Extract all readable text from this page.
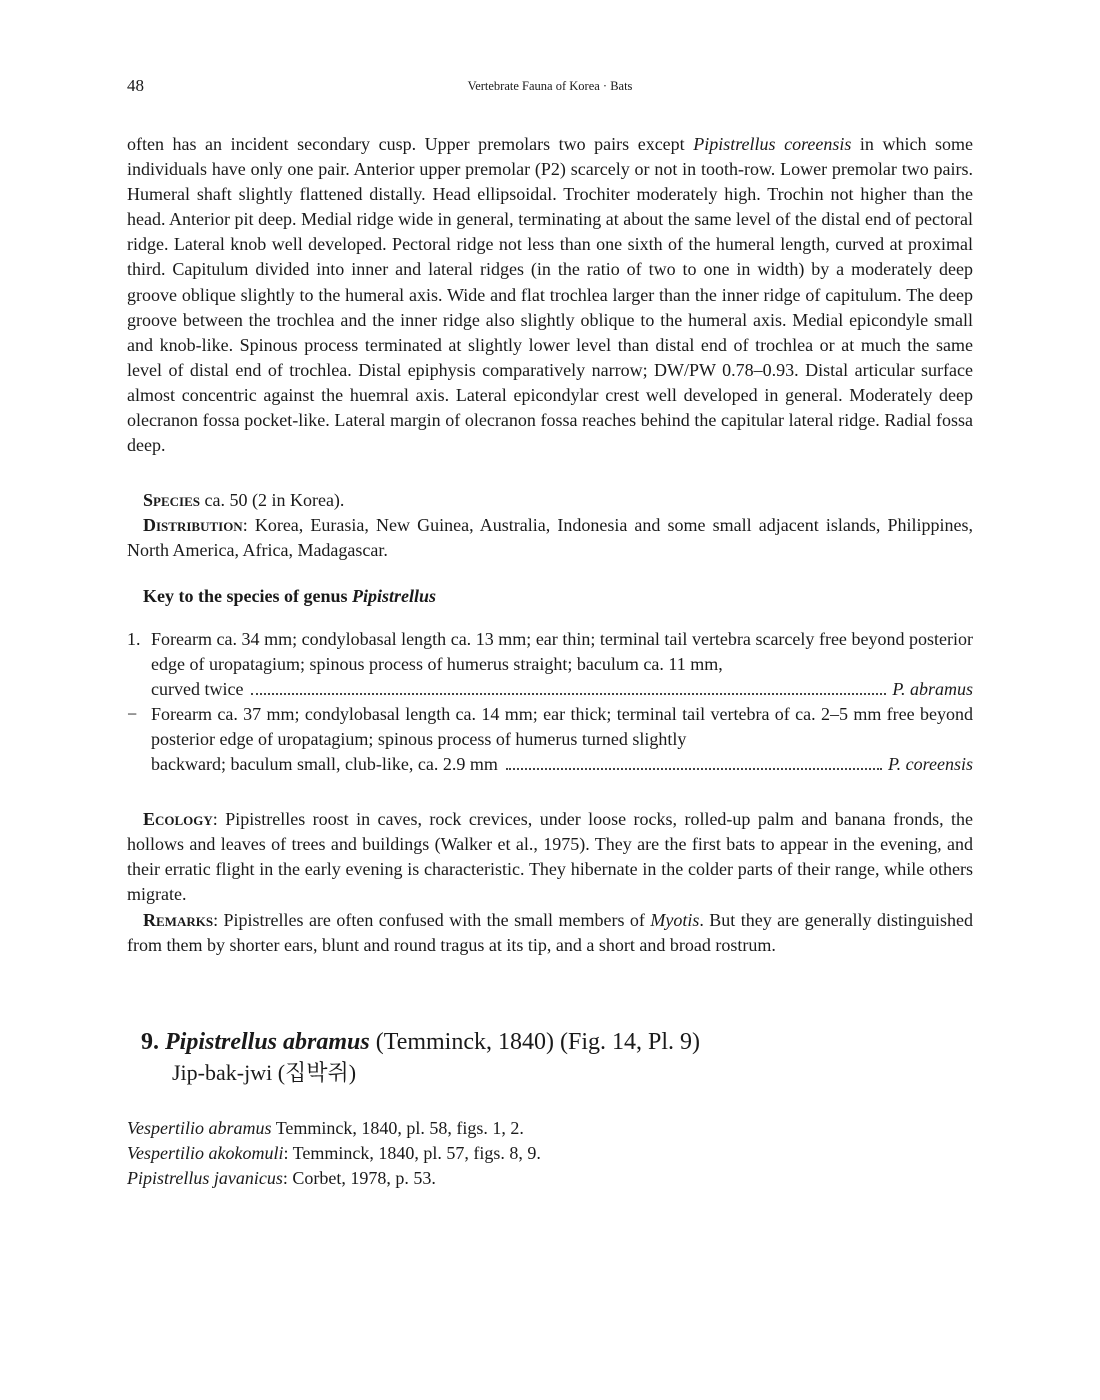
48	Vertebrate Fauna of Korea · Bats

often has an incident secondary cusp. Upper premolars two pairs except Pipistrellus coreensis in which some individuals have only one pair. Anterior upper premolar (P2) scarcely or not in tooth-row. Lower premolar two pairs. Humeral shaft slightly flattened distally. Head ellipsoidal. Trochiter moderately high. Trochin not higher than the head. Anterior pit deep. Medial ridge wide in general, terminating at about the same level of the distal end of pectoral ridge. Lateral knob well developed. Pectoral ridge not less than one sixth of the humeral length, curved at proximal third. Capitulum divided into inner and lateral ridges (in the ratio of two to one in width) by a moderately deep groove oblique slightly to the humeral axis. Wide and flat trochlea larger than the inner ridge of capitulum. The deep groove between the trochlea and the inner ridge also slightly oblique to the humeral axis. Medial epicondyle small and knob-like. Spinous process terminated at slightly lower level than distal end of trochlea or at much the same level of distal end of trochlea. Distal epiphysis comparatively narrow; DW/PW 0.78–0.93. Distal articular surface almost concentric against the huemral axis. Lateral epicondylar crest well developed in general. Moderately deep olecranon fossa pocket-like. Lateral margin of olecranon fossa reaches behind the capitular lateral ridge. Radial fossa deep.

Species ca. 50 (2 in Korea).

Distribution: Korea, Eurasia, New Guinea, Australia, Indonesia and some small adjacent islands, Philippines, North America, Africa, Madagascar.

Key to the species of genus Pipistrellus
1. Forearm ca. 34 mm; condylobasal length ca. 13 mm; ear thin; terminal tail vertebra scarcely free beyond posterior edge of uropatagium; spinous process of humerus straight; baculum ca. 11 mm,
curved twice	P. abramus
− Forearm ca. 37 mm; condylobasal length ca. 14 mm; ear thick; terminal tail vertebra of ca. 2–5 mm free beyond posterior edge of uropatagium; spinous process of humerus turned slightly
backward; baculum small, club-like, ca. 2.9 mm	P. coreensis

Ecology: Pipistrelles roost in caves, rock crevices, under loose rocks, rolled-up palm and banana fronds, the hollows and leaves of trees and buildings (Walker et al., 1975). They are the first bats to appear in the evening, and their erratic flight in the early evening is characteristic. They hibernate in the colder parts of their range, while others migrate.

Remarks: Pipistrelles are often confused with the small members of Myotis. But they are generally distinguished from them by shorter ears, blunt and round tragus at its tip, and a short and broad rostrum.

9. Pipistrellus abramus (Temminck, 1840) (Fig. 14, Pl. 9)
Jip-bak-jwi (집박쥐)
Vespertilio abramus Temminck, 1840, pl. 58, figs. 1, 2.
Vespertilio akokomuli: Temminck, 1840, pl. 57, figs. 8, 9.
Pipistrellus javanicus: Corbet, 1978, p. 53.
